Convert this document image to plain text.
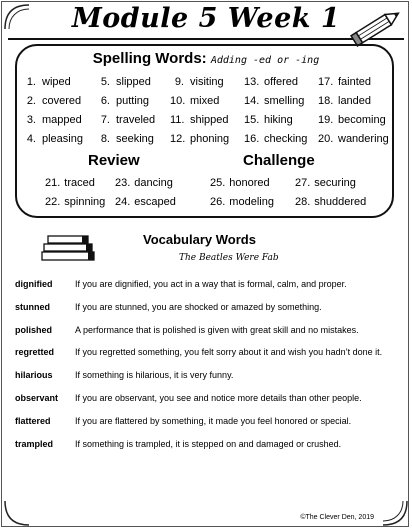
Module 5 Week 1
Spelling Words: Adding -ed or -ing
1. wiped
2. covered
3. mapped
4. pleasing
5. slipped
6. putting
7. traveled
8. seeking
9. visiting
10. mixed
11. shipped
12. phoning
13. offered
14. smelling
15. hiking
16. checking
17. fainted
18. landed
19. becoming
20. wandering
Review	Challenge
21. traced 23. dancing
22. spinning 24. escaped
25. honored 27. securing
26. modeling 28. shuddered
Vocabulary Words
The Beatles Were Fab
dignified	If you are dignified, you act in a way that is formal, calm, and proper.
stunned	If you are stunned, you are shocked or amazed by something.
polished	A performance that is polished is given with great skill and no mistakes.
regretted If you regretted something, you felt sorry about it and wish you hadn’t done it.
hilarious If something is hilarious, it is very funny.
observant If you are observant, you see and notice more details than other people.
flattered	If you are flattered by something, it made you feel honored or special.
trampled If something is trampled, it is stepped on and damaged or crushed.
©The Clever Den, 2019
